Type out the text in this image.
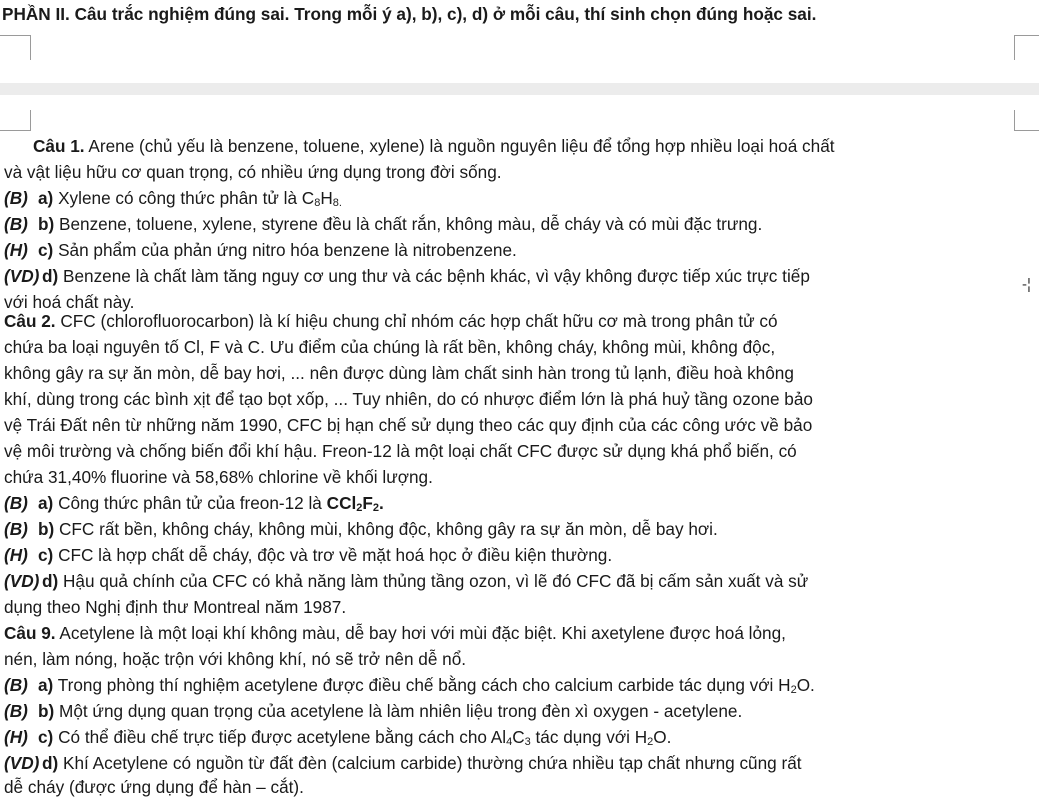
PHẦN II. Câu trắc nghiệm đúng sai. Trong mỗi ý a), b), c), d) ở mỗi câu, thí sinh chọn đúng hoặc sai.
-¦
Câu 1. Arene (chủ yếu là benzene, toluene, xylene) là nguồn nguyên liệu để tổng hợp nhiều loại hoá chất
và vật liệu hữu cơ quan trọng, có nhiều ứng dụng trong đời sống.
(B) a) Xylene có công thức phân tử là $C_8H_{8.}$
(B) b) Benzene, toluene, xylene, styrene đều là chất rắn, không màu, dễ cháy và có mùi đặc trưng.
(H) c) Sản phẩm của phản ứng nitro hóa benzene là nitrobenzene.
(VD) d) Benzene là chất làm tăng nguy cơ ung thư và các bệnh khác, vì vậy không được tiếp xúc trực tiếp
với hoá chất này.
Câu 2. CFC (chlorofluorocarbon) là kí hiệu chung chỉ nhóm các hợp chất hữu cơ mà trong phân tử có
chứa ba loại nguyên tố Cl, F và C. Ưu điểm của chúng là rất bền, không cháy, không mùi, không độc,
không gây ra sự ăn mòn, dễ bay hơi, ... nên được dùng làm chất sinh hàn trong tủ lạnh, điều hoà không
khí, dùng trong các bình xịt để tạo bọt xốp, ... Tuy nhiên, do có nhược điểm lớn là phá huỷ tầng ozone bảo
vệ Trái Đất nên từ những năm 1990, CFC bị hạn chế sử dụng theo các quy định của các công ước về bảo
vệ môi trường và chống biến đổi khí hậu. Freon-12 là một loại chất CFC được sử dụng khá phổ biến, có
chứa 31,40% fluorine và 58,68% chlorine về khối lượng.
(B) a) Công thức phân tử của freon-12 là $CCl_2F_2$.
(B) b) CFC rất bền, không cháy, không mùi, không độc, không gây ra sự ăn mòn, dễ bay hơi.
(H) c) CFC là hợp chất dễ cháy, độc và trơ về mặt hoá học ở điều kiện thường.
(VD) d) Hậu quả chính của CFC có khả năng làm thủng tầng ozon, vì lẽ đó CFC đã bị cấm sản xuất và sử
dụng theo Nghị định thư Montreal năm 1987.
Câu 9. Acetylene là một loại khí không màu, dễ bay hơi với mùi đặc biệt. Khi axetylene được hoá lỏng,
nén, làm nóng, hoặc trộn với không khí, nó sẽ trở nên dễ nổ.
(B) a) Trong phòng thí nghiệm acetylene được điều chế bằng cách cho calcium carbide tác dụng với $H_2O$.
(B) b) Một ứng dụng quan trọng của acetylene là làm nhiên liệu trong đèn xì oxygen - acetylene.
(H) c) Có thể điều chế trực tiếp được acetylene bằng cách cho $Al_4C_3$ tác dụng với $H_2O$.
(VD) d) Khí Acetylene có nguồn từ đất đèn (calcium carbide) thường chứa nhiều tạp chất nhưng cũng rất
dễ cháy (được ứng dụng để hàn – cắt).
